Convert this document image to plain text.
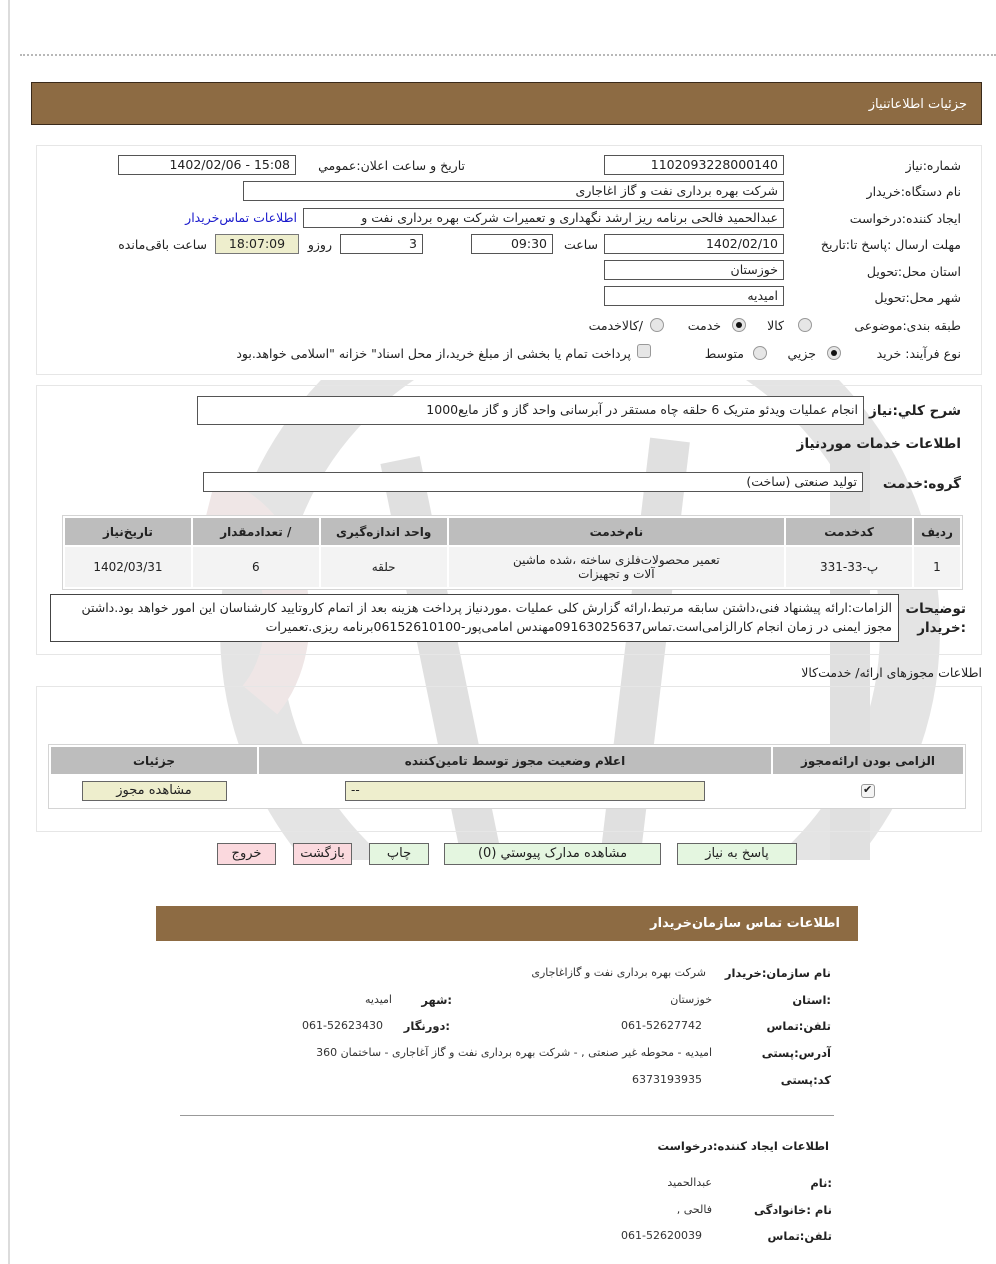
جزئیات اطلاعاتنیاز
شماره:نیاز
1102093228000140
تاریخ و ساعت اعلان:عمومي
1402/02/06 - 15:08
نام دستگاه:خریدار
شرکت بهره برداری نفت و گاز اغاجاری
ایجاد کننده:درخواست
عبدالحمید فالحی برنامه ریز ارشد نگهداری و تعمیرات شرکت بهره برداری نفت و
اطلاعات تماس‌خریدار
مهلت ارسال :پاسخ تا:تاریخ
1402/02/10
ساعت
09:30
3
روزو
18:07:09
ساعت باقی‌مانده
استان محل:تحویل
خوزستان
شهر محل:تحویل
امیدیه
طبقه بندی:موضوعی
کالا
خدمت
/کالاخدمت
نوع فرآیند: خرید
جزيي
متوسط
پرداخت تمام یا بخشی از مبلغ خرید،از محل اسناد" خزانه "اسلامی خواهد.بود
شرح کلي:نیاز
انجام عملیات ویدئو متریک 6 حلقه چاه مستقر در آبرسانی واحد گاز و گاز مایع1000
اطلاعات خدمات موردنیاز
گروه:خدمت
تولید صنعتی (ساخت)
ردیف	کدخدمت	نام‌خدمت	واحد اندازه‌گیری	/ تعدادمقدار	تاریخ‌نیاز
1	پ-33-331	تعمیر محصولات‌فلزی ساخته ،شده ماشین آلات و تجهیزات	حلقه	6	1402/03/31
توضیحات :خریدار
الزامات:ارائه پیشنهاد فنی،داشتن سابقه مرتبط،ارائه گزارش کلی عملیات .موردنیاز پرداخت هزینه بعد از اتمام کاروتایید کارشناسان این امور خواهد بود.داشتن مجوز ایمنی در زمان انجام کارالزامی‌است.تماس09163025637مهندس امامی‌پور-06152610100برنامه ریزی.تعمیرات
اطلاعات مجوزهای ارائه/ خدمت‌کالا
الزامی بودن ارائه‌مجوز	اعلام وضعیت مجوز توسط تامین‌کننده	جزئیات
✔	
--	مشاهده مجوز
پاسخ به نیاز
مشاهده مدارک پیوستي (0)
چاپ
بازگشت
خروج
اطلاعات تماس سازمان‌خریدار
نام سازمان:خریدار
شرکت بهره برداری نفت و گازاغاجاری
:استان
خوزستان
:شهر
امیدیه
تلفن:تماس
061-52627742
:دورنگار
061-52623430
آدرس:پستی
امیدیه - محوطه غیر صنعتی , - شرکت بهره برداری نفت و گاز آغاجاری - ساختمان 360
کد:پستی
6373193935
اطلاعات ایجاد کننده:درخواست
:نام
عبدالحمید
نام :خانوادگی
فالحی ,
تلفن:تماس
061-52620039
